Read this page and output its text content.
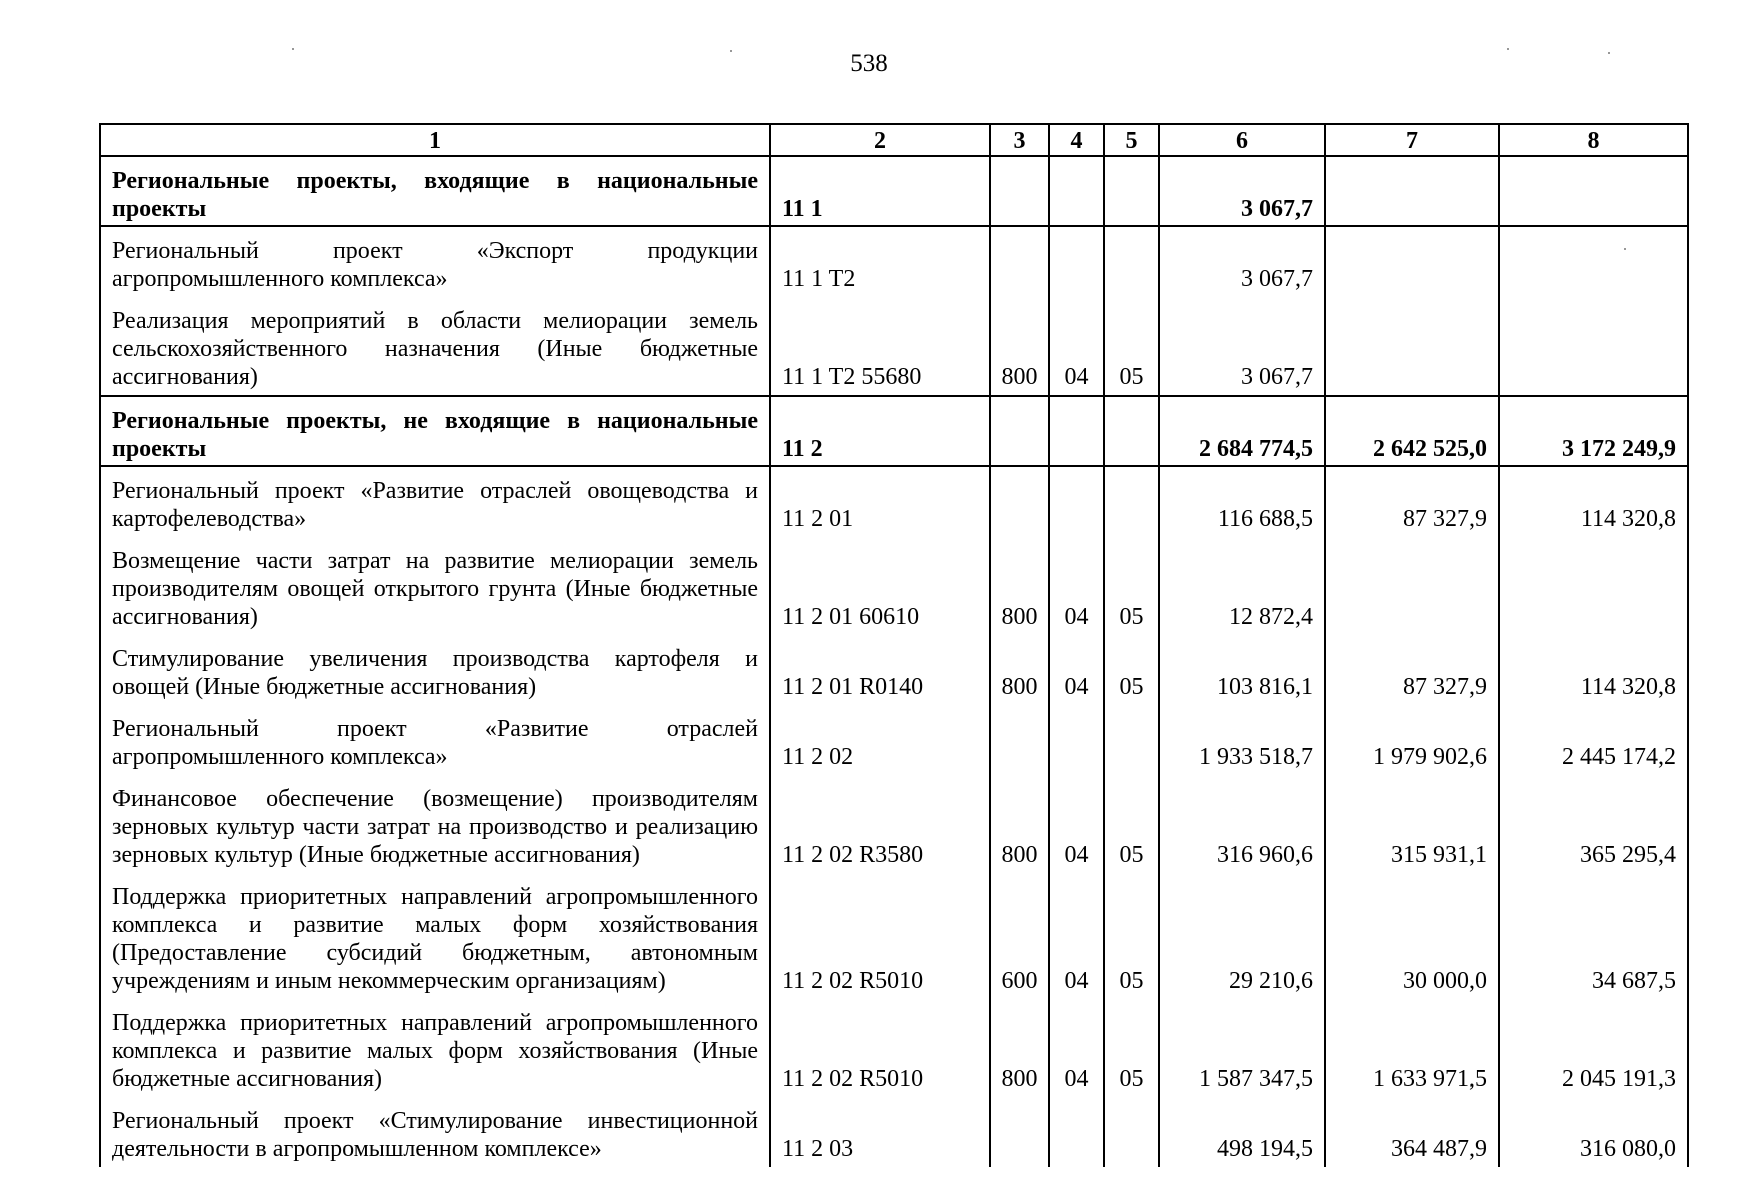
538
1	2	3	4	5	6	7	8
Региональные проекты, входящие в национальные проекты	11 1				3 067,7		
Региональный проект «Экспорт продукции агропромышленного комплекса»	11 1 T2				3 067,7		
Реализация мероприятий в области мелиорации земель сельскохозяйственного назначения (Иные бюджетные ассигнования)	11 1 T2 55680	800	04	05	3 067,7		
Региональные проекты, не входящие в национальные проекты	11 2				2 684 774,5	2 642 525,0	3 172 249,9
Региональный проект «Развитие отраслей овощеводства и картофелеводства»	11 2 01				116 688,5	87 327,9	114 320,8
Возмещение части затрат на развитие мелиорации земель производителям овощей открытого грунта (Иные бюджетные ассигнования)	11 2 01 60610	800	04	05	12 872,4		
Стимулирование увеличения производства картофеля и овощей (Иные бюджетные ассигнования)	11 2 01 R0140	800	04	05	103 816,1	87 327,9	114 320,8
Региональный проект «Развитие отраслей агропромышленного комплекса»	11 2 02				1 933 518,7	1 979 902,6	2 445 174,2
Финансовое обеспечение (возмещение) производителям зерновых культур части затрат на производство и реализацию зерновых культур (Иные бюджетные ассигнования)	11 2 02 R3580	800	04	05	316 960,6	315 931,1	365 295,4
Поддержка приоритетных направлений агропромышленного комплекса и развитие малых форм хозяйствования (Предоставление субсидий бюджетным, автономным учреждениям и иным некоммерческим организациям)	11 2 02 R5010	600	04	05	29 210,6	30 000,0	34 687,5
Поддержка приоритетных направлений агропромышленного комплекса и развитие малых форм хозяйствования (Иные бюджетные ассигнования)	11 2 02 R5010	800	04	05	1 587 347,5	1 633 971,5	2 045 191,3
Региональный проект «Стимулирование инвестиционной деятельности в агропромышленном комплексе»	11 2 03				498 194,5	364 487,9	316 080,0
